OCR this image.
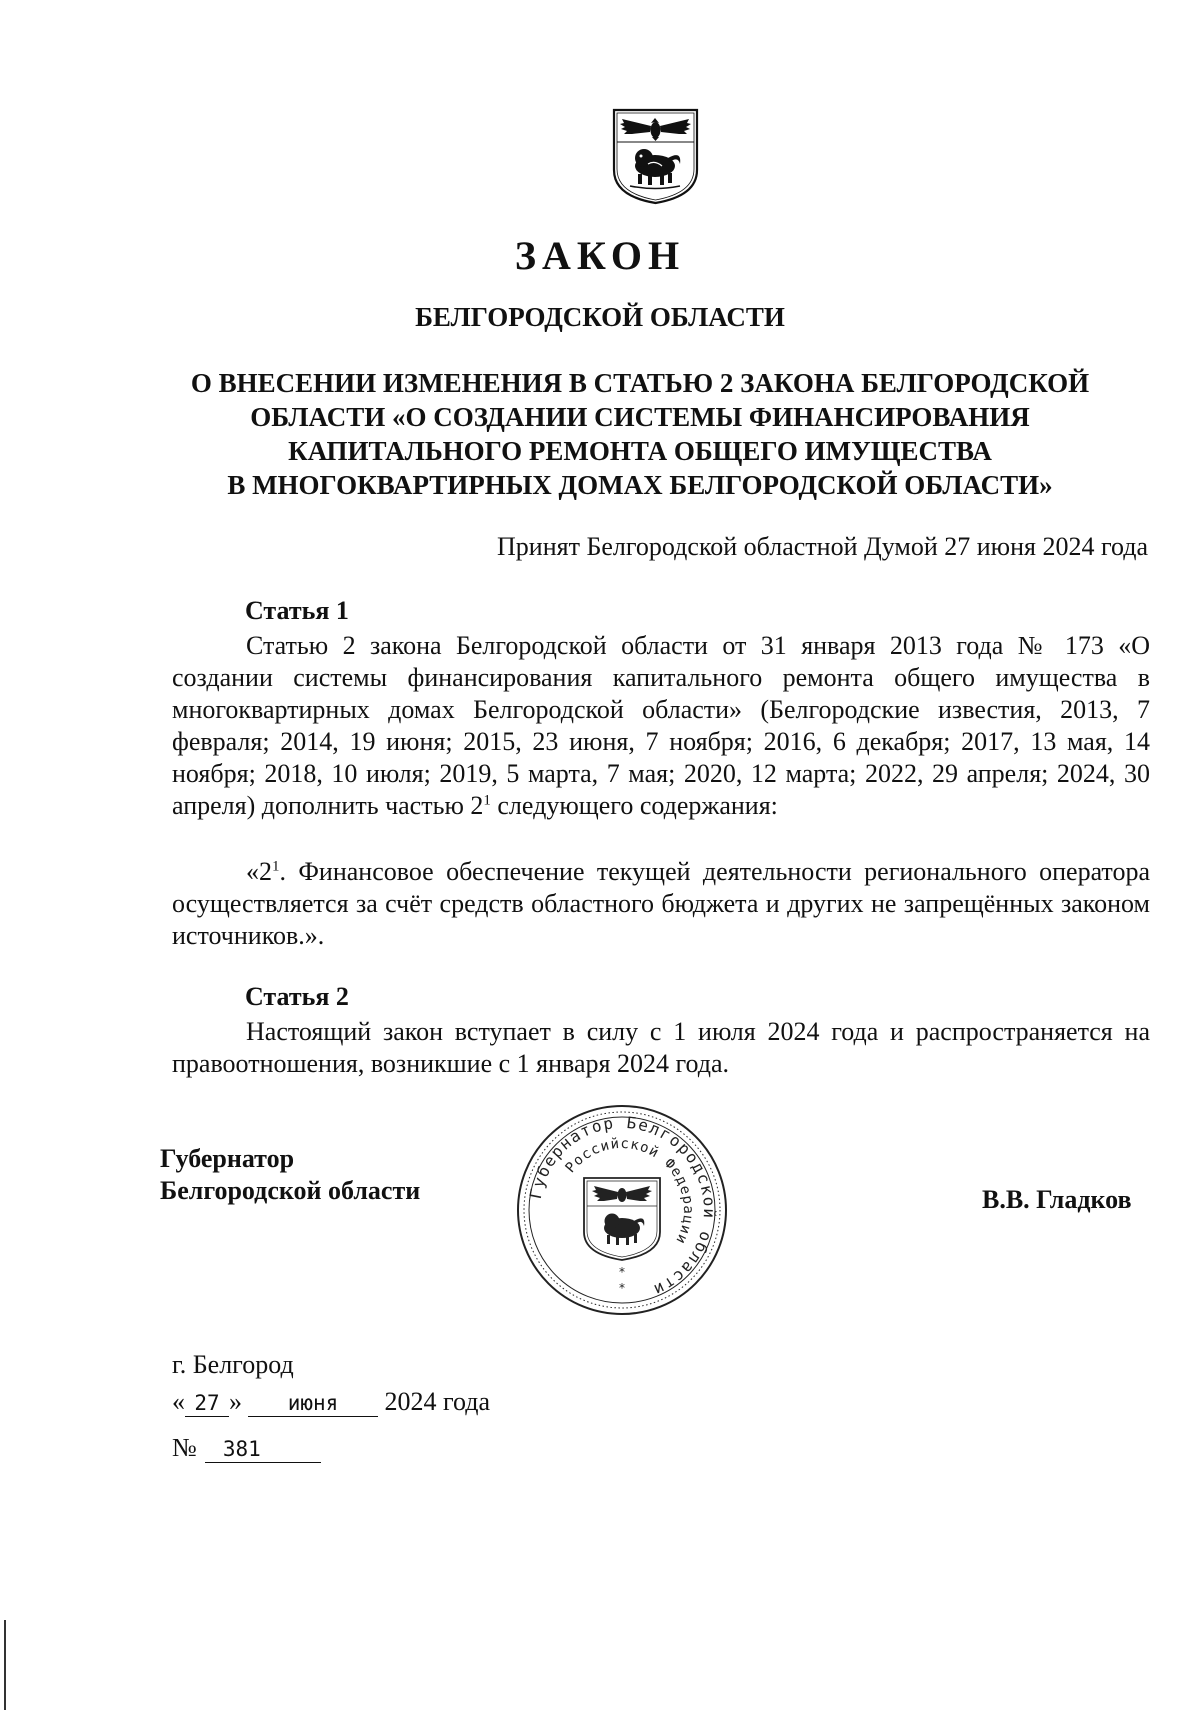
ЗАКОН
БЕЛГОРОДСКОЙ ОБЛАСТИ
О ВНЕСЕНИИ ИЗМЕНЕНИЯ В СТАТЬЮ 2 ЗАКОНА БЕЛГОРОДСКОЙ
ОБЛАСТИ «О СОЗДАНИИ СИСТЕМЫ ФИНАНСИРОВАНИЯ
КАПИТАЛЬНОГО РЕМОНТА ОБЩЕГО ИМУЩЕСТВА
В МНОГОКВАРТИРНЫХ ДОМАХ БЕЛГОРОДСКОЙ ОБЛАСТИ»

Принят Белгородской областной Думой 27 июня 2024 года

Статья 1

Статью 2 закона Белгородской области от 31 января 2013 года № 173 «О создании системы финансирования капитального ремонта общего имущества в многоквартирных домах Белгородской области» (Белгородские известия, 2013, 7 февраля; 2014, 19 июня; 2015, 23 июня, 7 ноября; 2016, 6 декабря; 2017, 13 мая, 14 ноября; 2018, 10 июля; 2019, 5 марта, 7 мая; 2020, 12 марта; 2022, 29 апреля; 2024, 30 апреля) дополнить частью $2^1$ следующего содержания:

«$2^1$. Финансовое обеспечение текущей деятельности регионального оператора осуществляется за счёт средств областного бюджета и других не запрещённых законом источников.».

Статья 2

Настоящий закон вступает в силу с 1 июля 2024 года и распространяется на правоотношения, возникшие с 1 января 2024 года.

Губернатор
Белгородской области	В.В. Гладков

Губернатор Белгородской области
Российской Федерации
*
*

г. Белгород

« 27 » июня 2024 года

№ 381
